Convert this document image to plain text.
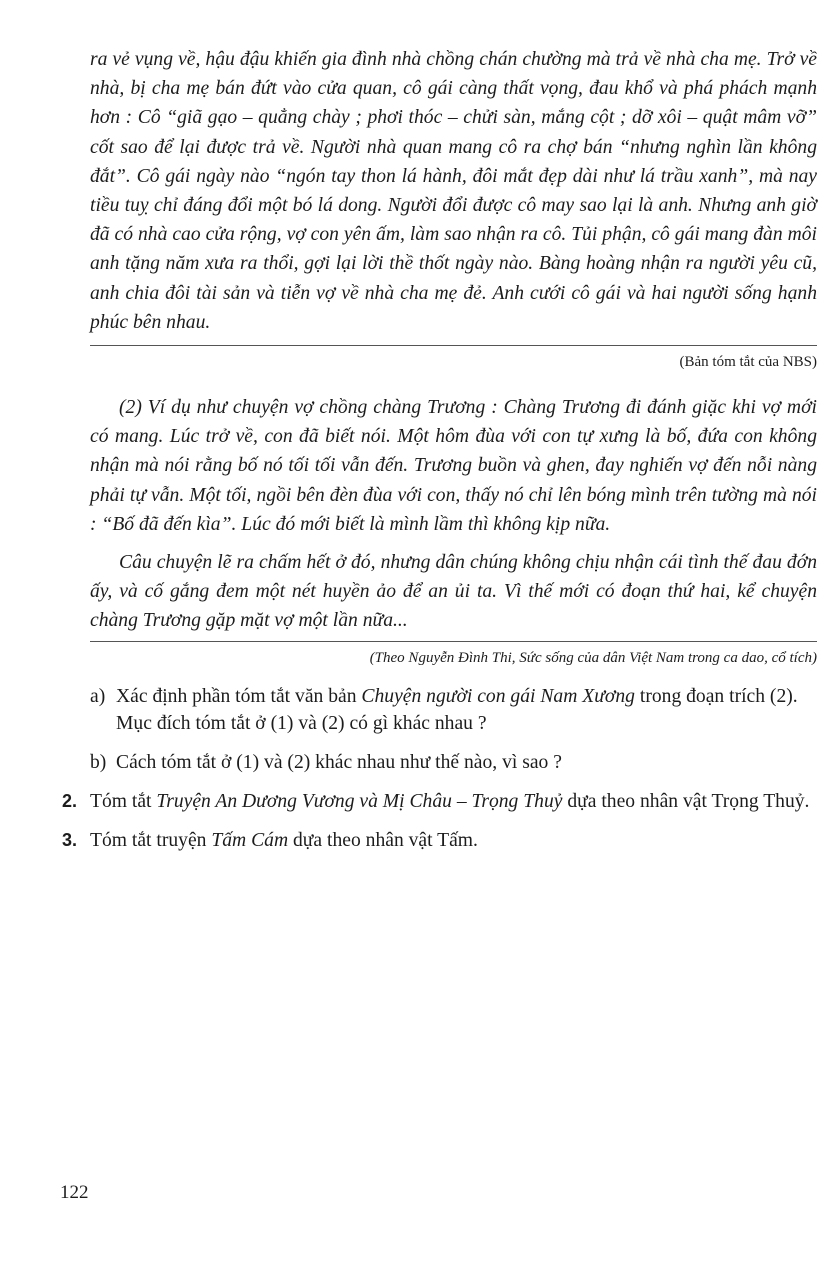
ra vẻ vụng về, hậu đậu khiến gia đình nhà chồng chán chường mà trả về nhà cha mẹ. Trở về nhà, bị cha mẹ bán đứt vào cửa quan, cô gái càng thất vọng, đau khổ và phá phách mạnh hơn : Cô “giã gạo – quẳng chày ; phơi thóc – chửi sàn, mắng cột ; dỡ xôi – quật mâm vỡ” cốt sao để lại được trả về. Người nhà quan mang cô ra chợ bán “nhưng nghìn lần không đắt”. Cô gái ngày nào “ngón tay thon lá hành, đôi mắt đẹp dài như lá trầu xanh”, mà nay tiều tuỵ chỉ đáng đổi một bó lá dong. Người đổi được cô may sao lại là anh. Nhưng anh giờ đã có nhà cao cửa rộng, vợ con yên ấm, làm sao nhận ra cô. Tủi phận, cô gái mang đàn môi anh tặng năm xưa ra thổi, gợi lại lời thề thốt ngày nào. Bàng hoàng nhận ra người yêu cũ, anh chia đôi tài sản và tiễn vợ về nhà cha mẹ đẻ. Anh cưới cô gái và hai người sống hạnh phúc bên nhau.

(Bản tóm tắt của NBS)

(2) Ví dụ như chuyện vợ chồng chàng Trương : Chàng Trương đi đánh giặc khi vợ mới có mang. Lúc trở về, con đã biết nói. Một hôm đùa với con tự xưng là bố, đứa con không nhận mà nói rằng bố nó tối tối vẫn đến. Trương buồn và ghen, đay nghiến vợ đến nỗi nàng phải tự vẫn. Một tối, ngồi bên đèn đùa với con, thấy nó chỉ lên bóng mình trên tường mà nói : “Bố đã đến kìa”. Lúc đó mới biết là mình lầm thì không kịp nữa.

Câu chuyện lẽ ra chấm hết ở đó, nhưng dân chúng không chịu nhận cái tình thế đau đớn ấy, và cố gắng đem một nét huyền ảo để an ủi ta. Vì thế mới có đoạn thứ hai, kể chuyện chàng Trương gặp mặt vợ một lần nữa...

(Theo Nguyễn Đình Thi, Sức sống của dân Việt Nam trong ca dao, cổ tích)

a) Xác định phần tóm tắt văn bản Chuyện người con gái Nam Xương trong đoạn trích (2). Mục đích tóm tắt ở (1) và (2) có gì khác nhau ?

b) Cách tóm tắt ở (1) và (2) khác nhau như thế nào, vì sao ?

2. Tóm tắt Truyện An Dương Vương và Mị Châu – Trọng Thuỷ dựa theo nhân vật Trọng Thuỷ.

3. Tóm tắt truyện Tấm Cám dựa theo nhân vật Tấm.

122
